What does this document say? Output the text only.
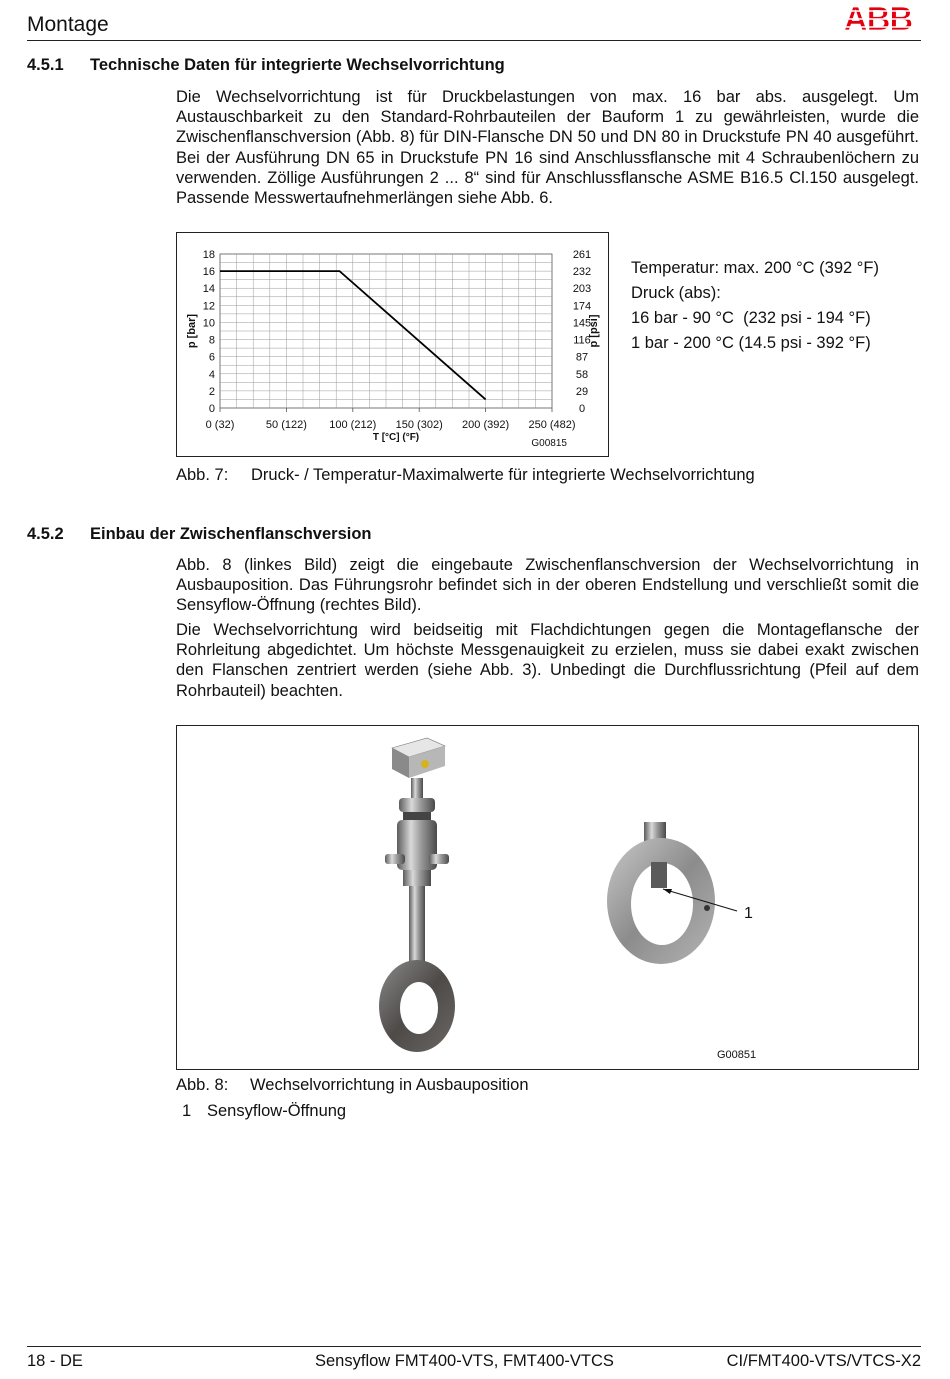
Montage	ABB
4.5.1 Technische Daten für integrierte Wechselvorrichtung
Die Wechselvorrichtung ist für Druckbelastungen von max. 16 bar abs. ausgelegt. Um Austauschbarkeit zu den Standard-Rohrbauteilen der Bauform 1 zu gewährleisten, wurde die Zwischenflanschversion (Abb. 8) für DIN-Flansche DN 50 und DN 80 in Druckstufe PN 40 ausgeführt. Bei der Ausführung DN 65 in Druckstufe PN 16 sind Anschlussflansche mit 4 Schraubenlöchern zu verwenden. Zöllige Ausführungen 2 ... 8“ sind für Anschlussflansche ASME B16.5 Cl.150 ausgelegt. Passende Messwertaufnehmerlängen siehe Abb. 6.
0	0
2	29
4	58
6	87
8	116
10	145
12	174
14	203
16	232
18	261
0 (32)	50 (122) 100 (212) 150 (302) 200 (392) 250 (482)
T [°C] (°F)
p [bar]	p [psi]
G00815
Temperatur: max. 200 °C (392 °F)
Druck (abs):
16 bar - 90 °C  (232 psi - 194 °F)
1 bar - 200 °C (14.5 psi - 392 °F)
Abb. 7: Druck- / Temperatur-Maximalwerte für integrierte Wechselvorrichtung
4.5.2 Einbau der Zwischenflanschversion
Abb. 8 (linkes Bild) zeigt die eingebaute Zwischenflanschversion der Wechselvorrichtung in Ausbauposition. Das Führungsrohr befindet sich in der oberen Endstellung und verschließt somit die Sensyflow-Öffnung (rechtes Bild).
Die Wechselvorrichtung wird beidseitig mit Flachdichtungen gegen die Montageflansche der Rohrleitung abgedichtet. Um höchste Messgenauigkeit zu erzielen, muss sie dabei exakt zwischen den Flanschen zentriert werden (siehe Abb. 3). Unbedingt die Durchflussrichtung (Pfeil auf dem Rohrbauteil) beachten.
1
G00851
Abb. 8: Wechselvorrichtung in Ausbauposition
1 Sensyflow-Öffnung
18 - DE	Sensyflow FMT400-VTS, FMT400-VTCS	CI/FMT400-VTS/VTCS-X2
